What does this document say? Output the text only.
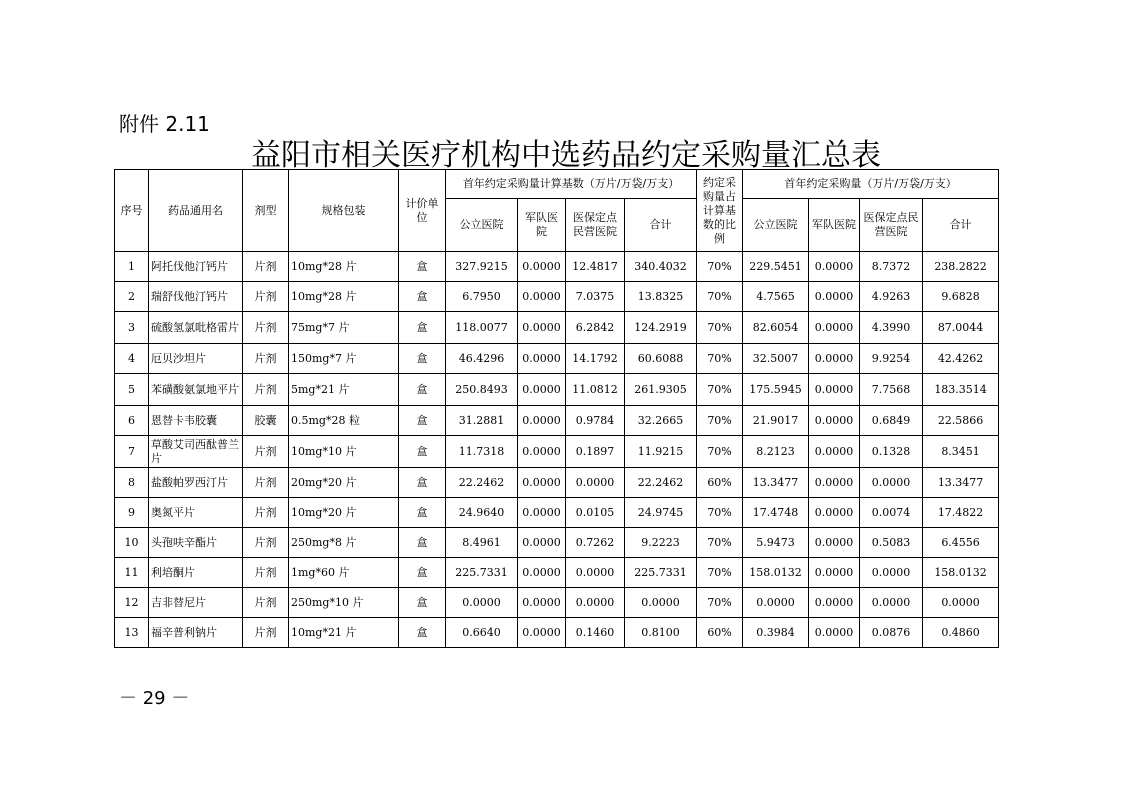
附件 2.11
益阳市相关医疗机构中选药品约定采购量汇总表
序号	药品通用名	剂型	规格包装	计价单位	首年约定采购量计算基数（万片/万袋/万支）				约定采购量占计算基数的比例	首年约定采购量（万片/万袋/万支）			
					公立医院	军队医院	医保定点民营医院	合计		公立医院	军队医院	医保定点民营医院	合计
1	阿托伐他汀钙片	片剂	10mg*28 片	盒	327.9215	0.0000	12.4817	340.4032	70%	229.5451	0.0000	8.7372	238.2822
2	瑞舒伐他汀钙片	片剂	10mg*28 片	盒	6.7950	0.0000	7.0375	13.8325	70%	4.7565	0.0000	4.9263	9.6828
3	硫酸氢氯吡格雷片	片剂	75mg*7 片	盒	118.0077	0.0000	6.2842	124.2919	70%	82.6054	0.0000	4.3990	87.0044
4	厄贝沙坦片	片剂	150mg*7 片	盒	46.4296	0.0000	14.1792	60.6088	70%	32.5007	0.0000	9.9254	42.4262
5	苯磺酸氨氯地平片	片剂	5mg*21 片	盒	250.8493	0.0000	11.0812	261.9305	70%	175.5945	0.0000	7.7568	183.3514
6	恩替卡韦胶囊	胶囊	0.5mg*28 粒	盒	31.2881	0.0000	0.9784	32.2665	70%	21.9017	0.0000	0.6849	22.5866
7	草酸艾司西酞普兰片	片剂	10mg*10 片	盒	11.7318	0.0000	0.1897	11.9215	70%	8.2123	0.0000	0.1328	8.3451
8	盐酸帕罗西汀片	片剂	20mg*20 片	盒	22.2462	0.0000	0.0000	22.2462	60%	13.3477	0.0000	0.0000	13.3477
9	奥氮平片	片剂	10mg*20 片	盒	24.9640	0.0000	0.0105	24.9745	70%	17.4748	0.0000	0.0074	17.4822
10	头孢呋辛酯片	片剂	250mg*8 片	盒	8.4961	0.0000	0.7262	9.2223	70%	5.9473	0.0000	0.5083	6.4556
11	利培酮片	片剂	1mg*60 片	盒	225.7331	0.0000	0.0000	225.7331	70%	158.0132	0.0000	0.0000	158.0132
12	吉非替尼片	片剂	250mg*10 片	盒	0.0000	0.0000	0.0000	0.0000	70%	0.0000	0.0000	0.0000	0.0000
13	福辛普利钠片	片剂	10mg*21 片	盒	0.6640	0.0000	0.1460	0.8100	60%	0.3984	0.0000	0.0876	0.4860
－ 29 －
